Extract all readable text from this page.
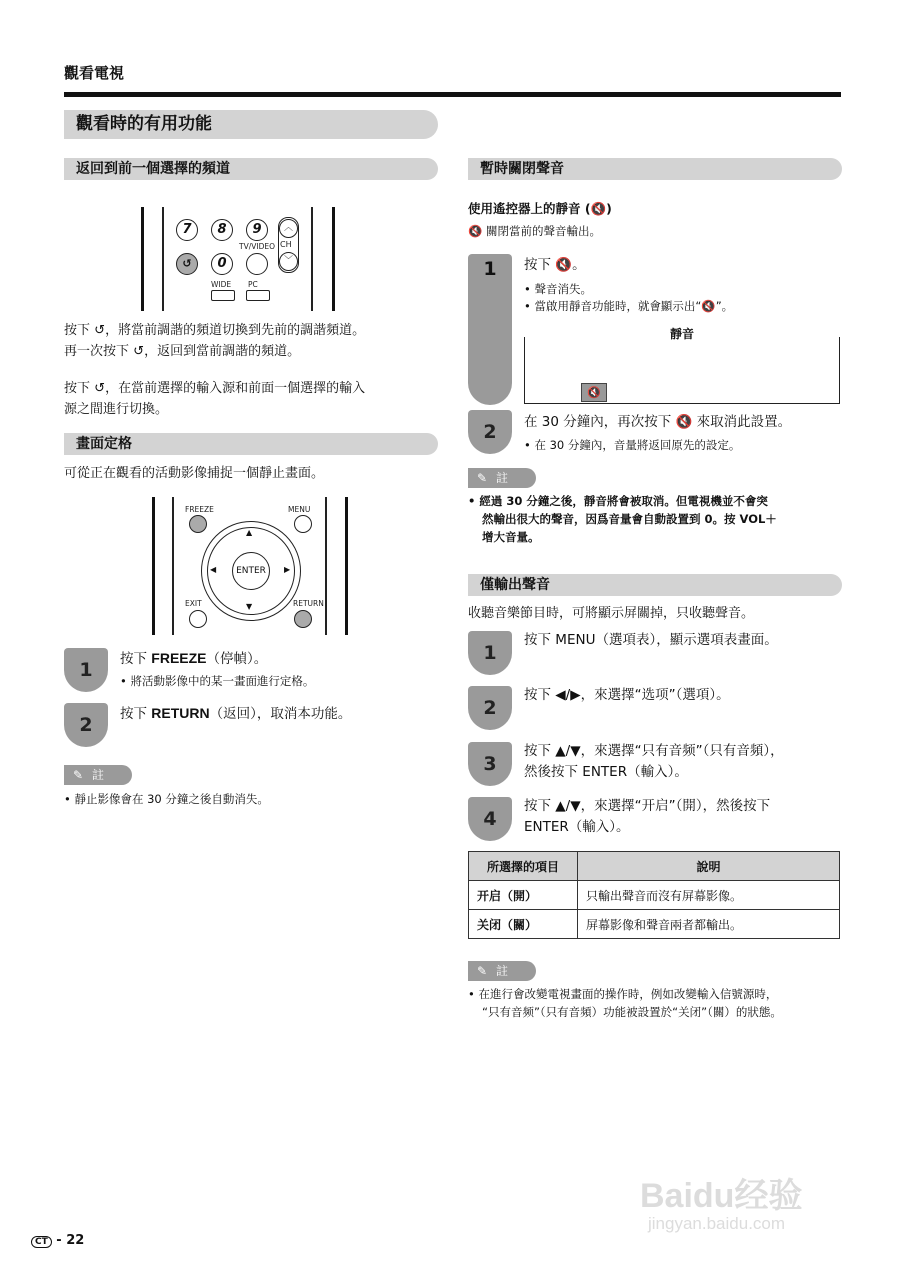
觀看電視
觀看時的有用功能
返回到前一個選擇的頻道
7	8	9	︿
CH
﹀
TV/VIDEO
↺	0
WIDE PC
按下 ↺，將當前調諧的頻道切換到先前的調諧頻道。
再一次按下 ↺，返回到當前調諧的頻道。
按下 ↺，在當前選擇的輸入源和前面一個選擇的輸入
源之間進行切換。
畫面定格
可從正在觀看的活動影像捕捉一個靜止畫面。
FREEZE	MENU
▲
▼
◀	▶
ENTER
EXIT	RETURN
1	按下 FREEZE（停幀）。
• 將活動影像中的某一畫面進行定格。
2	按下 RETURN（返回），取消本功能。
✎ 註
• 靜止影像會在 30 分鐘之後自動消失。
暫時關閉聲音
使用遙控器上的靜音 (🔇)
🔇 關閉當前的聲音輸出。
1	按下 🔇。
• 聲音消失。
• 當啟用靜音功能時，就會顯示出“🔇”。
靜音
🔇
2	在 30 分鐘內，再次按下 🔇 來取消此設置。
• 在 30 分鐘內，音量將返回原先的設定。
✎ 註
• 經過 30 分鐘之後，靜音將會被取消。但電視機並不會突
然輸出很大的聲音，因爲音量會自動設置到 0。按 VOL＋
增大音量。
僅輸出聲音
收聽音樂節目時，可將顯示屏關掉，只收聽聲音。
1
按下 MENU（選項表），顯示選項表畫面。
2
按下 ◀/▶，來選擇“选项”（選項）。
3
按下 ▲/▼，來選擇“只有音频”（只有音頻），
然後按下 ENTER（輸入）。
4
按下 ▲/▼，來選擇“开启”（開），然後按下
ENTER（輸入）。
所選擇的項目	說明
开启（開）	只輸出聲音而沒有屏幕影像。
关闭（關）	屏幕影像和聲音兩者都輸出。
✎ 註
• 在進行會改變電視畫面的操作時，例如改變輸入信號源時，
“只有音频”（只有音頻）功能被設置於“关闭”（關）的狀態。
Baidu经验
jingyan.baidu.com
CT - 22
